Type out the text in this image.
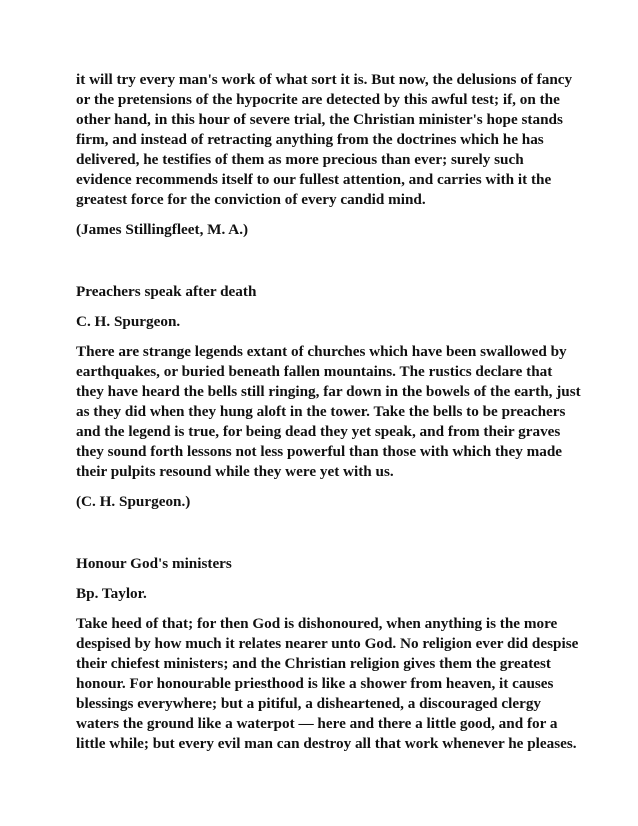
it will try every man's work of what sort it is. But now, the delusions of fancy
or the pretensions of the hypocrite are detected by this awful test; if, on the
other hand, in this hour of severe trial, the Christian minister's hope stands
firm, and instead of retracting anything from the doctrines which he has
delivered, he testifies of them as more precious than ever; surely such
evidence recommends itself to our fullest attention, and carries with it the
greatest force for the conviction of every candid mind.

(James Stillingfleet, M. A.)

Preachers speak after death

C. H. Spurgeon.

There are strange legends extant of churches which have been swallowed by
earthquakes, or buried beneath fallen mountains. The rustics declare that
they have heard the bells still ringing, far down in the bowels of the earth, just
as they did when they hung aloft in the tower. Take the bells to be preachers
and the legend is true, for being dead they yet speak, and from their graves
they sound forth lessons not less powerful than those with which they made
their pulpits resound while they were yet with us.

(C. H. Spurgeon.)

Honour God's ministers

Bp. Taylor.

Take heed of that; for then God is dishonoured, when anything is the more
despised by how much it relates nearer unto God. No religion ever did despise
their chiefest ministers; and the Christian religion gives them the greatest
honour. For honourable priesthood is like a shower from heaven, it causes
blessings everywhere; but a pitiful, a disheartened, a discouraged clergy
waters the ground like a waterpot — here and there a little good, and for a
little while; but every evil man can destroy all that work whenever he pleases.
